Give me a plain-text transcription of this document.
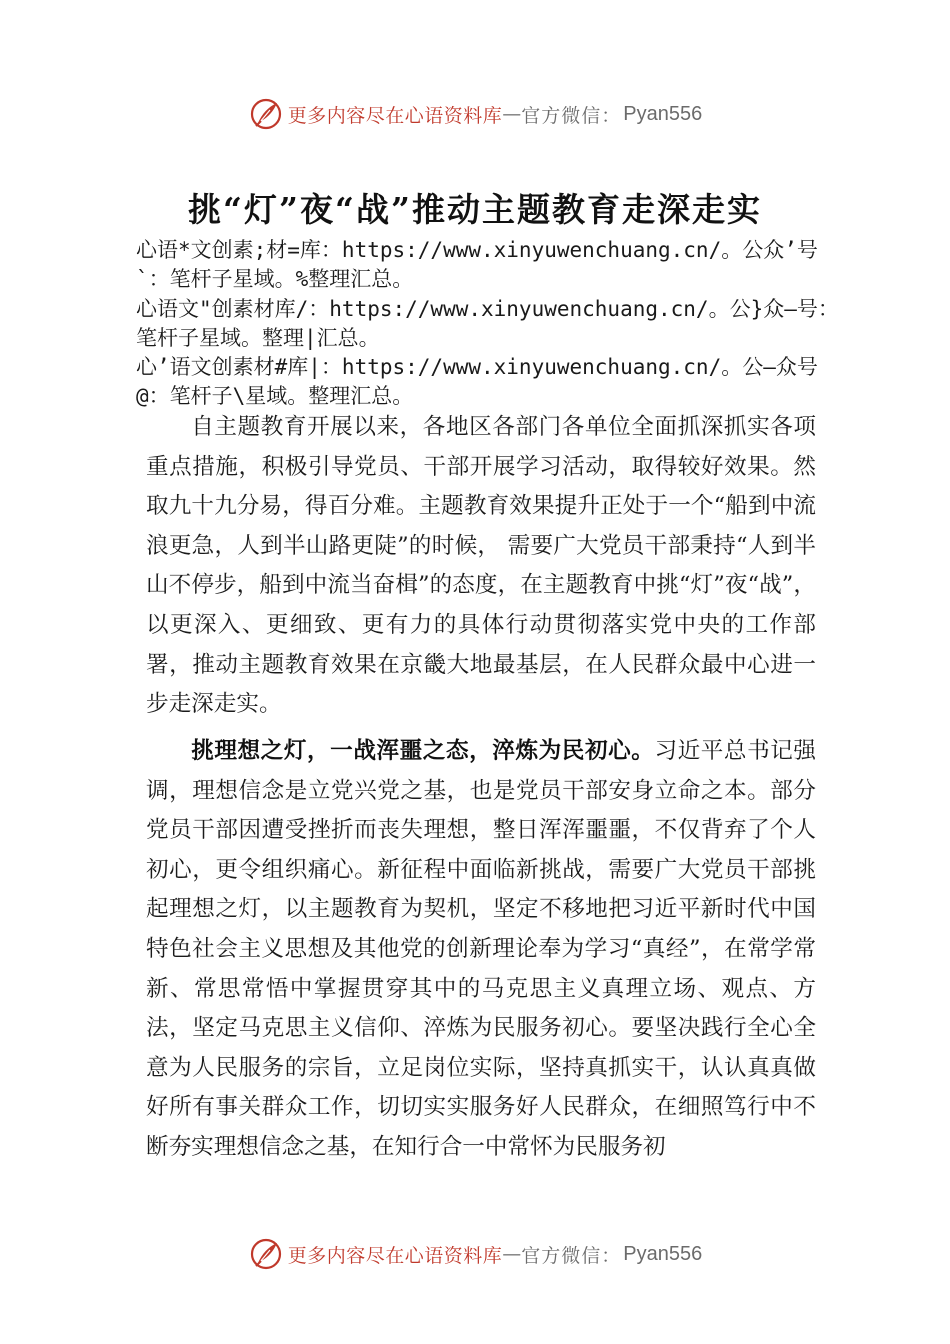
更多内容尽在心语资料库 — 官方微信： Pyan556
挑“灯”夜“战”推动主题教育走深走实

心语*文创素;材=库：https://www.xinyuwenchuang.cn/。公众’号`：笔杆子星域。%整理汇总。

心语文"创素材库/：https://www.xinyuwenchuang.cn/。公}众—号：笔杆子星域。整理|汇总。

心’语文创素材#库|：https://www.xinyuwenchuang.cn/。公—众号@：笔杆子\星域。整理汇总。

自主题教育开展以来，各地区各部门各单位全面抓深抓实各项重点措施，积极引导党员、干部开展学习活动，取得较好效果。然取九十九分易，得百分难。主题教育效果提升正处于一个“船到中流浪更急，人到半山路更陡”的时候， 需要广大党员干部秉持“人到半山不停步，船到中流当奋楫”的态度，在主题教育中挑“灯”夜“战”，以更深入、更细致、更有力的具体行动贯彻落实党中央的工作部署，推动主题教育效果在京畿大地最基层，在人民群众最中心进一步走深走实。

挑理想之灯，一战浑噩之态，淬炼为民初心。习近平总书记强调，理想信念是立党兴党之基，也是党员干部安身立命之本。部分党员干部因遭受挫折而丧失理想，整日浑浑噩噩，不仅背弃了个人初心，更令组织痛心。新征程中面临新挑战，需要广大党员干部挑起理想之灯，以主题教育为契机，坚定不移地把习近平新时代中国特色社会主义思想及其他党的创新理论奉为学习“真经”，在常学常新、常思常悟中掌握贯穿其中的马克思主义真理立场、观点、方法，坚定马克思主义信仰、淬炼为民服务初心。要坚决践行全心全意为人民服务的宗旨，立足岗位实际，坚持真抓实干，认认真真做好所有事关群众工作，切切实实服务好人民群众，在细照笃行中不断夯实理想信念之基，在知行合一中常怀为民服务初

更多内容尽在心语资料库 — 官方微信： Pyan556
